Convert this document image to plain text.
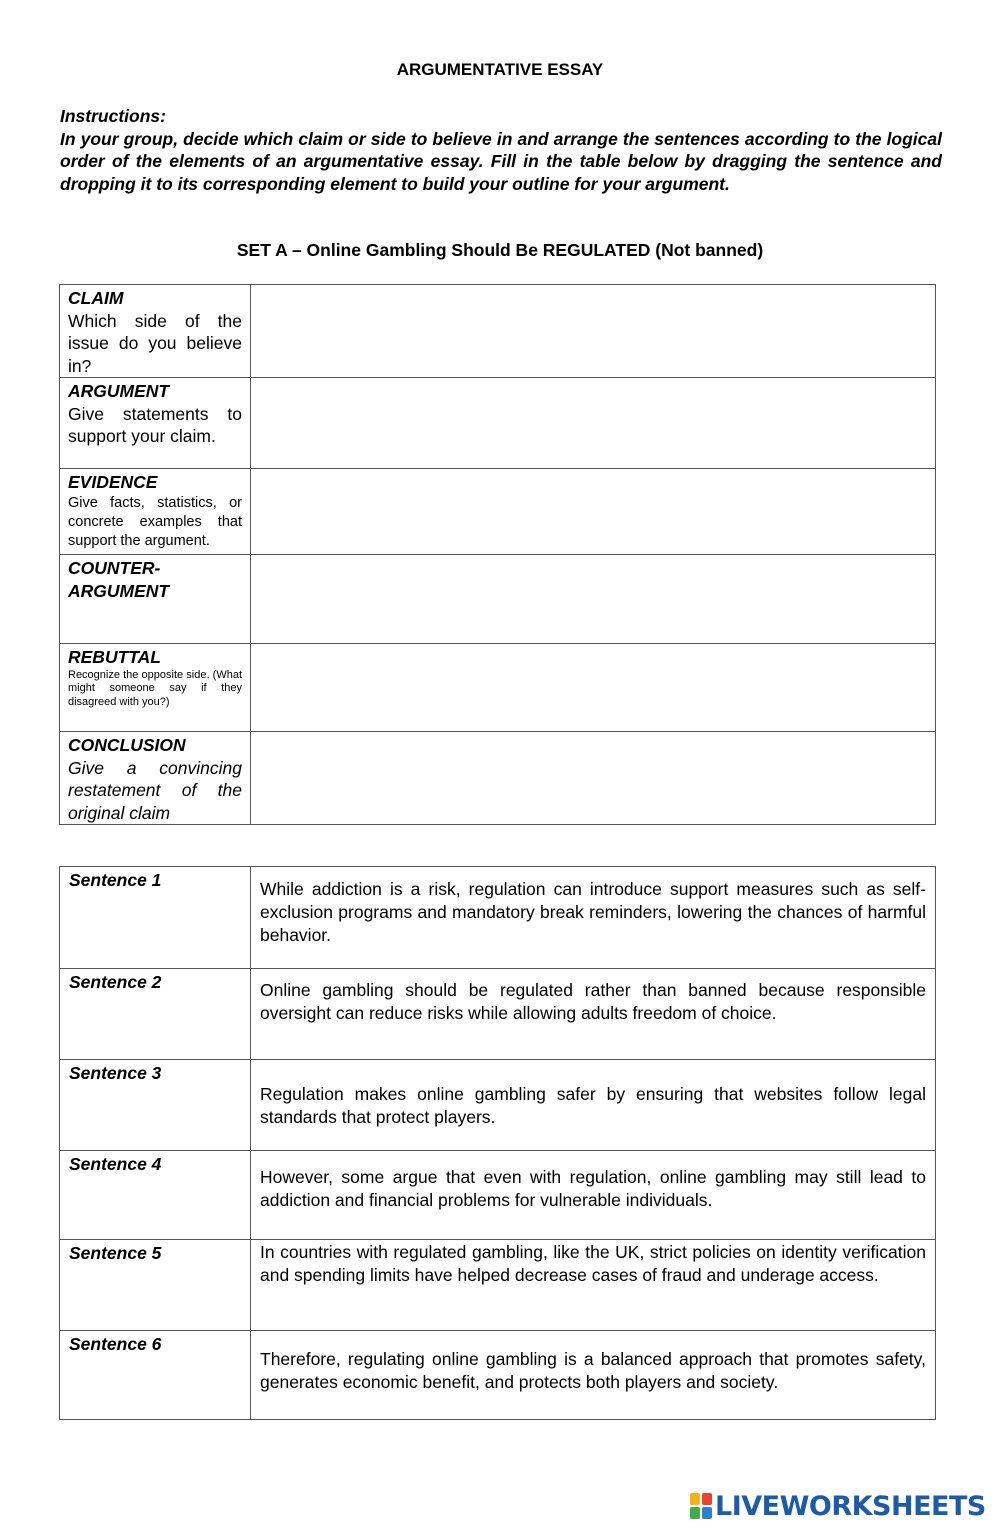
ARGUMENTATIVE ESSAY
Instructions:
In your group, decide which claim or side to believe in and arrange the sentences according to the logical order of the elements of an argumentative essay. Fill in the table below by dragging the sentence and dropping it to its corresponding element to build your outline for your argument.
SET A – Online Gambling Should Be REGULATED (Not banned)
CLAIM
Which side of the issue do you believe in?	

ARGUMENT
Give statements to support your claim.	

EVIDENCE
Give facts, statistics, or concrete examples that support the argument.	

COUNTER-ARGUMENT	

REBUTTAL
Recognize the opposite side. (What might someone say if they disagreed with you?)	

CONCLUSION
Give a convincing restatement of the original claim	

Sentence 1	While addiction is a risk, regulation can introduce support measures such as self-exclusion programs and mandatory break reminders, lowering the chances of harmful behavior.

Sentence 2	Online gambling should be regulated rather than banned because responsible oversight can reduce risks while allowing adults freedom of choice.

Sentence 3	Regulation makes online gambling safer by ensuring that websites follow legal standards that protect players.

Sentence 4	However, some argue that even with regulation, online gambling may still lead to addiction and financial problems for vulnerable individuals.

Sentence 5	In countries with regulated gambling, like the UK, strict policies on identity verification and spending limits have helped decrease cases of fraud and underage access.

Sentence 6	Therefore, regulating online gambling is a balanced approach that promotes safety, generates economic benefit, and protects both players and society.
LIVEWORKSHEETS
